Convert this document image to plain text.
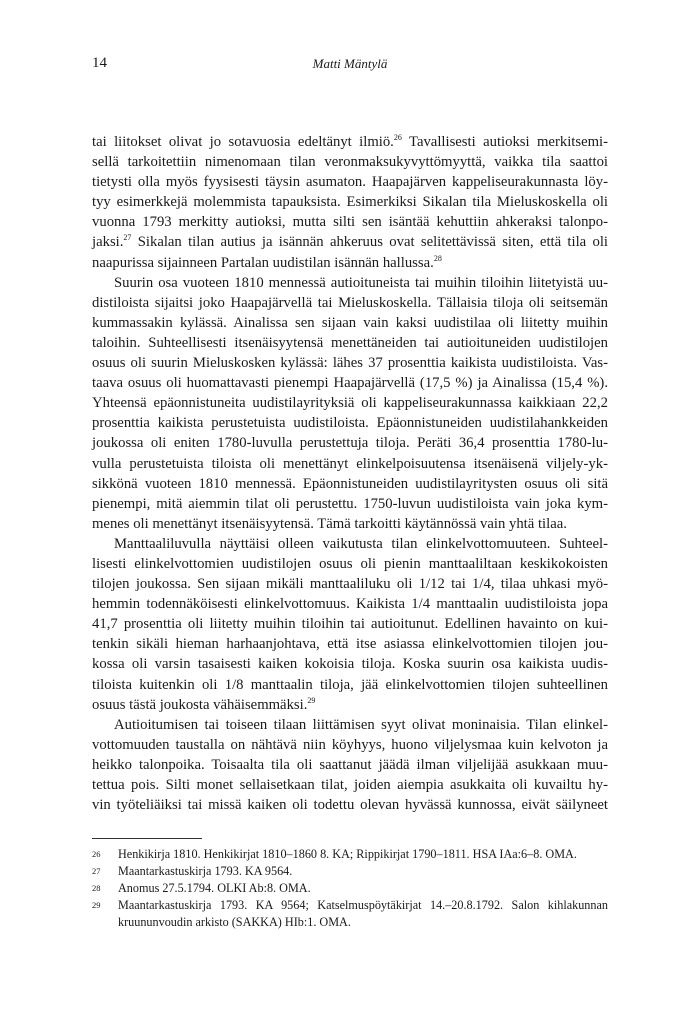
14	Matti Mäntylä
tai liitokset olivat jo sotavuosia edeltänyt ilmiö.$^{26}$ Tavallisesti autioksi merkitsemi-
sellä tarkoitettiin nimenomaan tilan veronmaksukyvyttömyyttä, vaikka tila saattoi
tietysti olla myös fyysisesti täysin asumaton. Haapajärven kappeliseurakunnasta löy-
tyy esimerkkejä molemmista tapauksista. Esimerkiksi Sikalan tila Mieluskoskella oli
vuonna 1793 merkitty autioksi, mutta silti sen isäntää kehuttiin ahkeraksi talonpo-
jaksi.$^{27}$ Sikalan tilan autius ja isännän ahkeruus ovat selitettävissä siten, että tila oli
naapurissa sijainneen Partalan uudistilan isännän hallussa.$^{28}$
Suurin osa vuoteen 1810 mennessä autioituneista tai muihin tiloihin liitetyistä uu-
distiloista sijaitsi joko Haapajärvellä tai Mieluskoskella. Tällaisia tiloja oli seitsemän
kummassakin kylässä. Ainalissa sen sijaan vain kaksi uudistilaa oli liitetty muihin
taloihin. Suhteellisesti itsenäisyytensä menettäneiden tai autioituneiden uudistilojen
osuus oli suurin Mieluskosken kylässä: lähes 37 prosenttia kaikista uudistiloista. Vas-
taava osuus oli huomattavasti pienempi Haapajärvellä (17,5 %) ja Ainalissa (15,4 %).
Yhteensä epäonnistuneita uudistilayrityksiä oli kappeliseurakunnassa kaikkiaan 22,2
prosenttia kaikista perustetuista uudistiloista. Epäonnistuneiden uudistilahankkeiden
joukossa oli eniten 1780-luvulla perustettuja tiloja. Peräti 36,4 prosenttia 1780-lu-
vulla perustetuista tiloista oli menettänyt elinkelpoisuutensa itsenäisenä viljely-yk-
sikkönä vuoteen 1810 mennessä. Epäonnistuneiden uudistilayritysten osuus oli sitä
pienempi, mitä aiemmin tilat oli perustettu. 1750-luvun uudistiloista vain joka kym-
menes oli menettänyt itsenäisyytensä. Tämä tarkoitti käytännössä vain yhtä tilaa.
Manttaaliluvulla näyttäisi olleen vaikutusta tilan elinkelvottomuuteen. Suhteel-
lisesti elinkelvottomien uudistilojen osuus oli pienin manttaaliltaan keskikokoisten
tilojen joukossa. Sen sijaan mikäli manttaaliluku oli 1/12 tai 1/4, tilaa uhkasi myö-
hemmin todennäköisesti elinkelvottomuus. Kaikista 1/4 manttaalin uudistiloista jopa
41,7 prosenttia oli liitetty muihin tiloihin tai autioitunut. Edellinen havainto on kui-
tenkin sikäli hieman harhaanjohtava, että itse asiassa elinkelvottomien tilojen jou-
kossa oli varsin tasaisesti kaiken kokoisia tiloja. Koska suurin osa kaikista uudis-
tiloista kuitenkin oli 1/8 manttaalin tiloja, jää elinkelvottomien tilojen suhteellinen
osuus tästä joukosta vähäisemmäksi.$^{29}$
Autioitumisen tai toiseen tilaan liittämisen syyt olivat moninaisia. Tilan elinkel-
vottomuuden taustalla on nähtävä niin köyhyys, huono viljelysmaa kuin kelvoton ja
heikko talonpoika. Toisaalta tila oli saattanut jäädä ilman viljelijää asukkaan muu-
tettua pois. Silti monet sellaisetkaan tilat, joiden aiempia asukkaita oli kuvailtu hy-
vin työteliäiksi tai missä kaiken oli todettu olevan hyvässä kunnossa, eivät säilyneet
26 Henkikirja 1810. Henkikirjat 1810–1860 8. KA; Rippikirjat 1790–1811. HSA IAa:6–8. OMA.
27 Maantarkastuskirja 1793. KA 9564.
28 Anomus 27.5.1794. OLKI Ab:8. OMA.
29 Maantarkastuskirja 1793. KA 9564; Katselmuspöytäkirjat 14.–20.8.1792. Salon kihlakunnan
kruununvoudin arkisto (SAKKA) HIb:1. OMA.
